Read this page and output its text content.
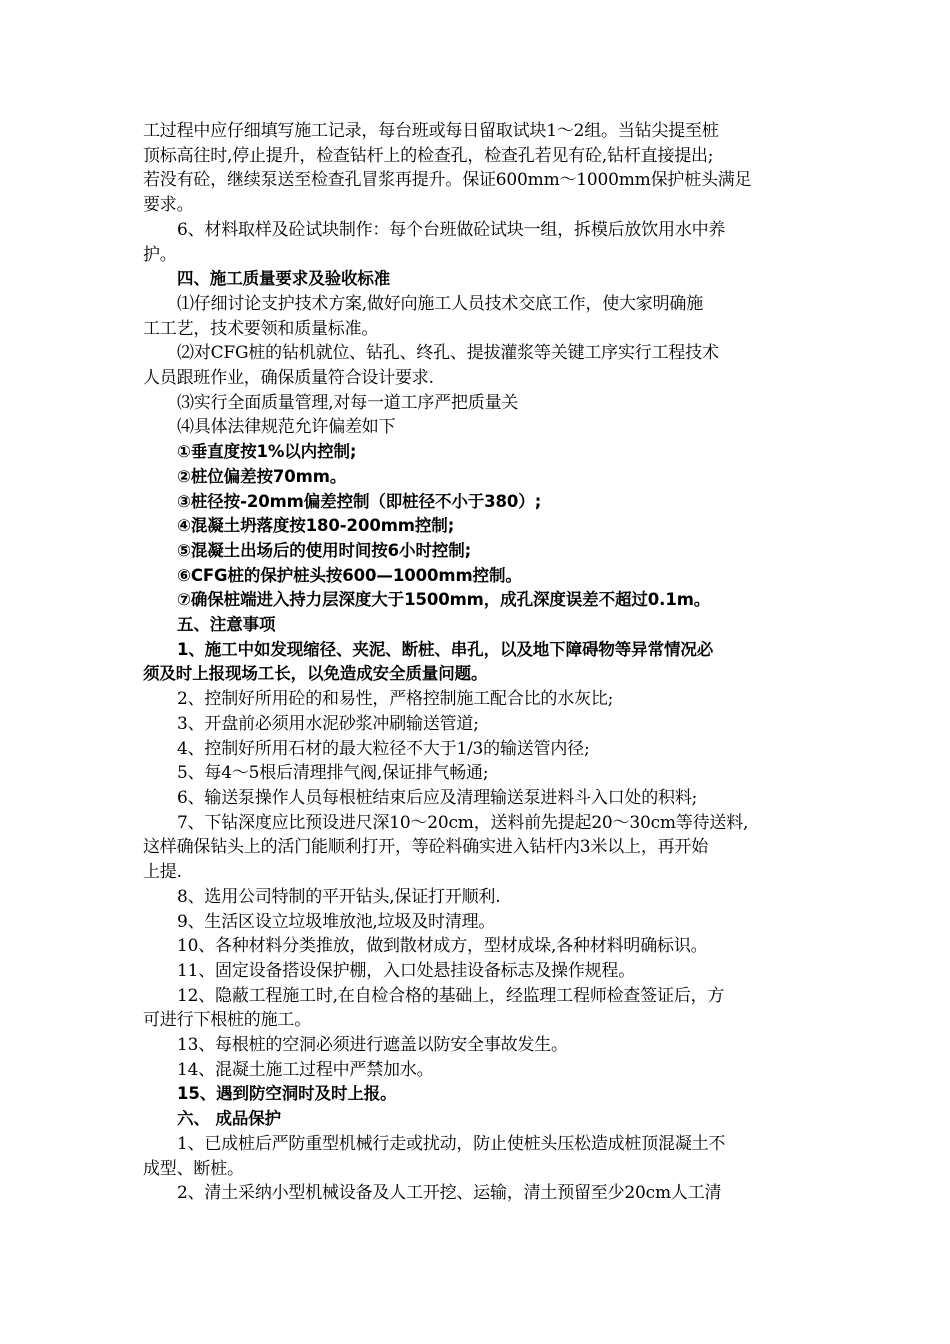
工过程中应仔细填写施工记录，每台班或每日留取试块1～2组。当钻尖提至桩
顶标高往时,停止提升，检查钻杆上的检查孔，检查孔若见有砼,钻杆直接提出;
若没有砼，继续泵送至检查孔冒浆再提升。保证600mm～1000mm保护桩头满足
要求。
6、材料取样及砼试块制作：每个台班做砼试块一组，拆模后放饮用水中养
护。
四、施工质量要求及验收标准
⑴仔细讨论支护技术方案,做好向施工人员技术交底工作，使大家明确施
工工艺，技术要领和质量标准。
⑵对CFG桩的钻机就位、钻孔、终孔、提拔灌浆等关键工序实行工程技术
人员跟班作业，确保质量符合设计要求.
⑶实行全面质量管理,对每一道工序严把质量关
⑷具体法律规范允许偏差如下
①垂直度按1%以内控制;
②桩位偏差按70mm。
③桩径按-20mm偏差控制（即桩径不小于380）;
④混凝土坍落度按180-200mm控制;
⑤混凝土出场后的使用时间按6小时控制;
⑥CFG桩的保护桩头按600—1000mm控制。
⑦确保桩端进入持力层深度大于1500mm，成孔深度误差不超过0.1m。
五、注意事项
1、施工中如发现缩径、夹泥、断桩、串孔，以及地下障碍物等异常情况必
须及时上报现场工长，以免造成安全质量问题。
2、控制好所用砼的和易性，严格控制施工配合比的水灰比;
3、开盘前必须用水泥砂浆冲刷输送管道;
4、控制好所用石材的最大粒径不大于1/3的输送管内径;
5、每4～5根后清理排气阀,保证排气畅通;
6、输送泵操作人员每根桩结束后应及清理输送泵进料斗入口处的积料;
7、下钻深度应比预设进尺深10～20cm，送料前先提起20～30cm等待送料,
这样确保钻头上的活门能顺利打开，等砼料确实进入钻杆内3米以上，再开始
上提.
8、选用公司特制的平开钻头,保证打开顺利.
9、生活区设立垃圾堆放池,垃圾及时清理。
10、各种材料分类推放，做到散材成方，型材成垛,各种材料明确标识。
11、固定设备搭设保护棚，入口处悬挂设备标志及操作规程。
12、隐蔽工程施工时,在自检合格的基础上，经监理工程师检查签证后，方
可进行下根桩的施工。
13、每根桩的空洞必须进行遮盖以防安全事故发生。
14、混凝土施工过程中严禁加水。
15、遇到防空洞时及时上报。
六、 成品保护
1、已成桩后严防重型机械行走或扰动，防止使桩头压松造成桩顶混凝土不
成型、断桩。
2、清土采纳小型机械设备及人工开挖、运输，清土预留至少20cm人工清
